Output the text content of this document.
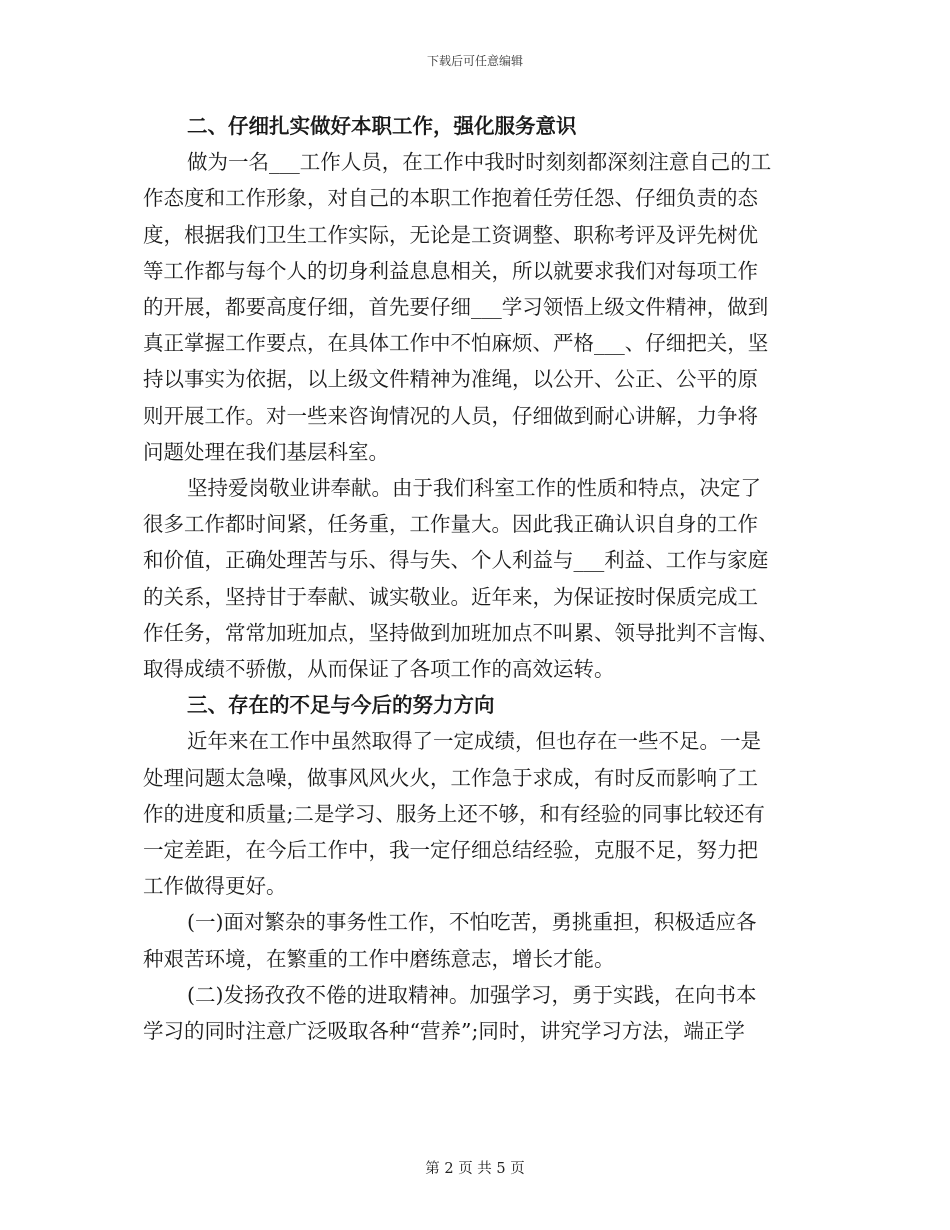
下载后可任意编辑

二、仔细扎实做好本职工作，强化服务意识

做为一名___工作人员，在工作中我时时刻刻都深刻注意自己的工
作态度和工作形象，对自己的本职工作抱着任劳任怨、仔细负责的态
度，根据我们卫生工作实际，无论是工资调整、职称考评及评先树优
等工作都与每个人的切身利益息息相关，所以就要求我们对每项工作
的开展，都要高度仔细，首先要仔细___学习领悟上级文件精神，做到
真正掌握工作要点，在具体工作中不怕麻烦、严格___、仔细把关，坚
持以事实为依据，以上级文件精神为准绳，以公开、公正、公平的原
则开展工作。对一些来咨询情况的人员，仔细做到耐心讲解，力争将
问题处理在我们基层科室。
坚持爱岗敬业讲奉献。由于我们科室工作的性质和特点，决定了
很多工作都时间紧，任务重，工作量大。因此我正确认识自身的工作
和价值，正确处理苦与乐、得与失、个人利益与___利益、工作与家庭
的关系，坚持甘于奉献、诚实敬业。近年来，为保证按时保质完成工
作任务，常常加班加点，坚持做到加班加点不叫累、领导批判不言悔、
取得成绩不骄傲，从而保证了各项工作的高效运转。

三、存在的不足与今后的努力方向

近年来在工作中虽然取得了一定成绩，但也存在一些不足。一是
处理问题太急噪，做事风风火火，工作急于求成，有时反而影响了工
作的进度和质量;二是学习、服务上还不够，和有经验的同事比较还有
一定差距，在今后工作中，我一定仔细总结经验，克服不足，努力把
工作做得更好。
(一)面对繁杂的事务性工作，不怕吃苦，勇挑重担，积极适应各
种艰苦环境，在繁重的工作中磨练意志，增长才能。
(二)发扬孜孜不倦的进取精神。加强学习，勇于实践，在向书本
学习的同时注意广泛吸取各种“营养”;同时，讲究学习方法，端正学
第 2 页 共 5 页
